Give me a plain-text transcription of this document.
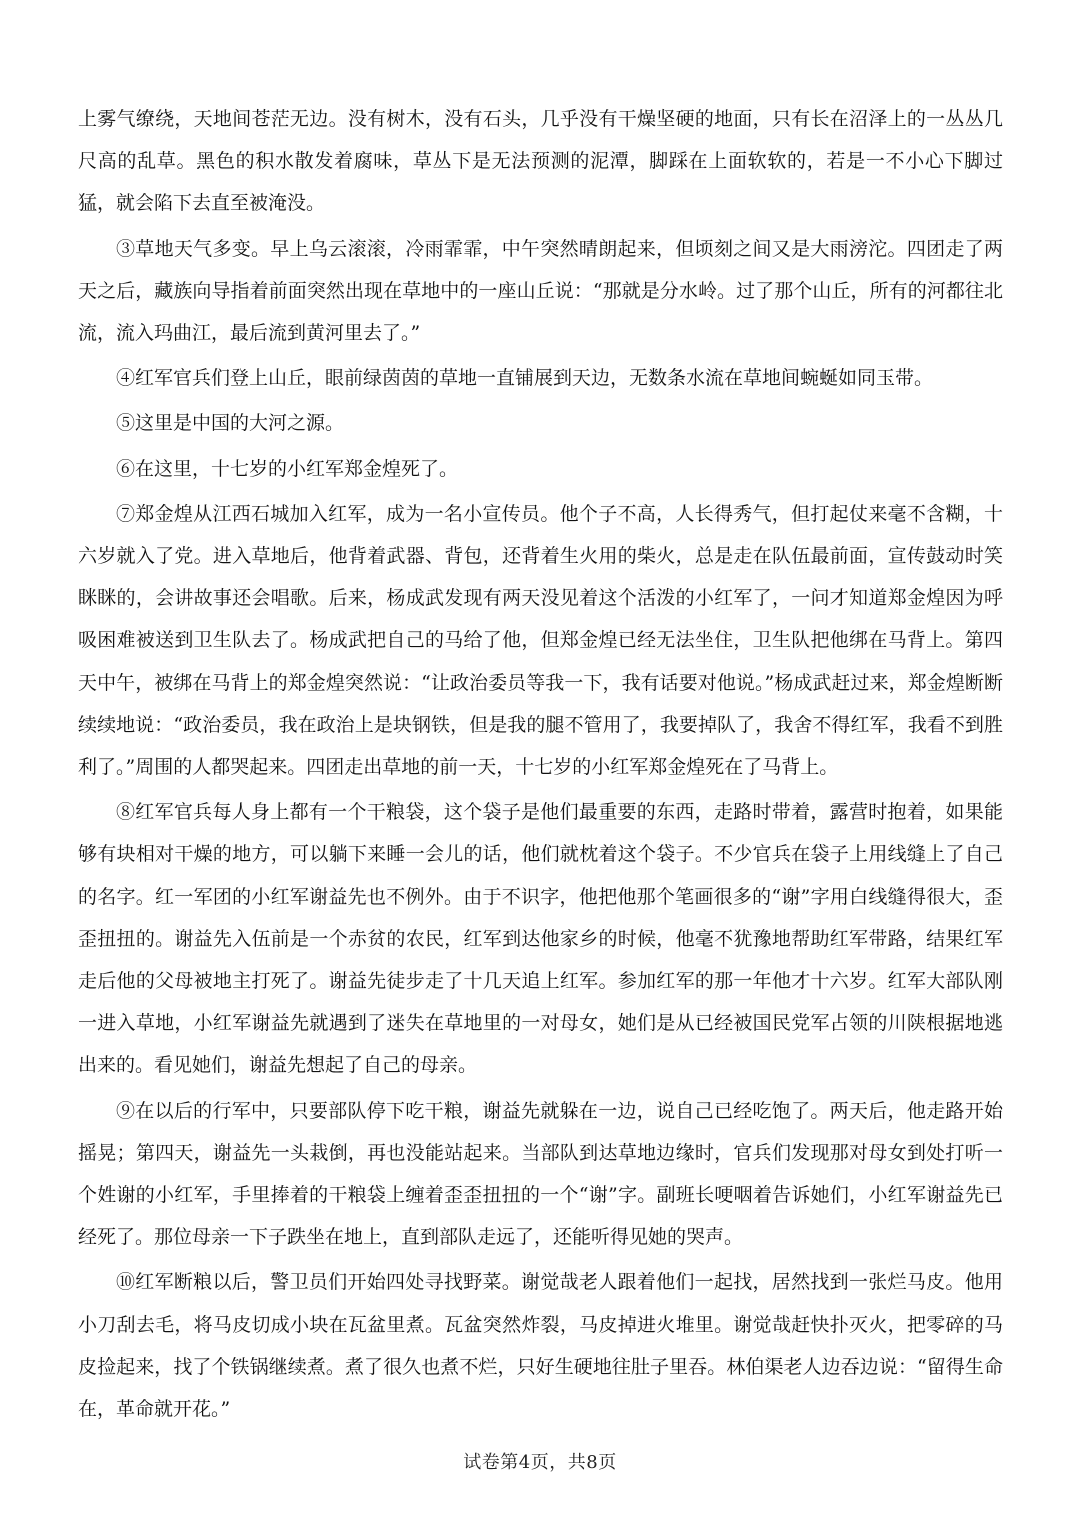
上雾气缭绕，天地间苍茫无边。没有树木，没有石头，几乎没有干燥坚硬的地面，只有长在沼泽上的一丛丛几尺高的乱草。黑色的积水散发着腐味，草丛下是无法预测的泥潭，脚踩在上面软软的，若是一不小心下脚过猛，就会陷下去直至被淹没。

③草地天气多变。早上乌云滚滚，冷雨霏霏，中午突然晴朗起来，但顷刻之间又是大雨滂沱。四团走了两天之后，藏族向导指着前面突然出现在草地中的一座山丘说：“那就是分水岭。过了那个山丘，所有的河都往北流，流入玛曲江，最后流到黄河里去了。”

④红军官兵们登上山丘，眼前绿茵茵的草地一直铺展到天边，无数条水流在草地间蜿蜒如同玉带。

⑤这里是中国的大河之源。

⑥在这里，十七岁的小红军郑金煌死了。

⑦郑金煌从江西石城加入红军，成为一名小宣传员。他个子不高，人长得秀气，但打起仗来毫不含糊，十六岁就入了党。进入草地后，他背着武器、背包，还背着生火用的柴火，总是走在队伍最前面，宣传鼓动时笑眯眯的，会讲故事还会唱歌。后来，杨成武发现有两天没见着这个活泼的小红军了，一问才知道郑金煌因为呼吸困难被送到卫生队去了。杨成武把自己的马给了他，但郑金煌已经无法坐住，卫生队把他绑在马背上。第四天中午，被绑在马背上的郑金煌突然说：“让政治委员等我一下，我有话要对他说。”杨成武赶过来，郑金煌断断续续地说：“政治委员，我在政治上是块钢铁，但是我的腿不管用了，我要掉队了，我舍不得红军，我看不到胜利了。”周围的人都哭起来。四团走出草地的前一天，十七岁的小红军郑金煌死在了马背上。

⑧红军官兵每人身上都有一个干粮袋，这个袋子是他们最重要的东西，走路时带着，露营时抱着，如果能够有块相对干燥的地方，可以躺下来睡一会儿的话，他们就枕着这个袋子。不少官兵在袋子上用线缝上了自己的名字。红一军团的小红军谢益先也不例外。由于不识字，他把他那个笔画很多的“谢”字用白线缝得很大，歪歪扭扭的。谢益先入伍前是一个赤贫的农民，红军到达他家乡的时候，他毫不犹豫地帮助红军带路，结果红军走后他的父母被地主打死了。谢益先徒步走了十几天追上红军。参加红军的那一年他才十六岁。红军大部队刚一进入草地，小红军谢益先就遇到了迷失在草地里的一对母女，她们是从已经被国民党军占领的川陕根据地逃出来的。看见她们，谢益先想起了自己的母亲。

⑨在以后的行军中，只要部队停下吃干粮，谢益先就躲在一边，说自己已经吃饱了。两天后，他走路开始摇晃；第四天，谢益先一头栽倒，再也没能站起来。当部队到达草地边缘时，官兵们发现那对母女到处打听一个姓谢的小红军，手里捧着的干粮袋上缠着歪歪扭扭的一个“谢”字。副班长哽咽着告诉她们，小红军谢益先已经死了。那位母亲一下子跌坐在地上，直到部队走远了，还能听得见她的哭声。

⑩红军断粮以后，警卫员们开始四处寻找野菜。谢觉哉老人跟着他们一起找，居然找到一张烂马皮。他用小刀刮去毛，将马皮切成小块在瓦盆里煮。瓦盆突然炸裂，马皮掉进火堆里。谢觉哉赶快扑灭火，把零碎的马皮捡起来，找了个铁锅继续煮。煮了很久也煮不烂，只好生硬地往肚子里吞。林伯渠老人边吞边说：“留得生命在，革命就开花。”

试卷第4页，共8页
